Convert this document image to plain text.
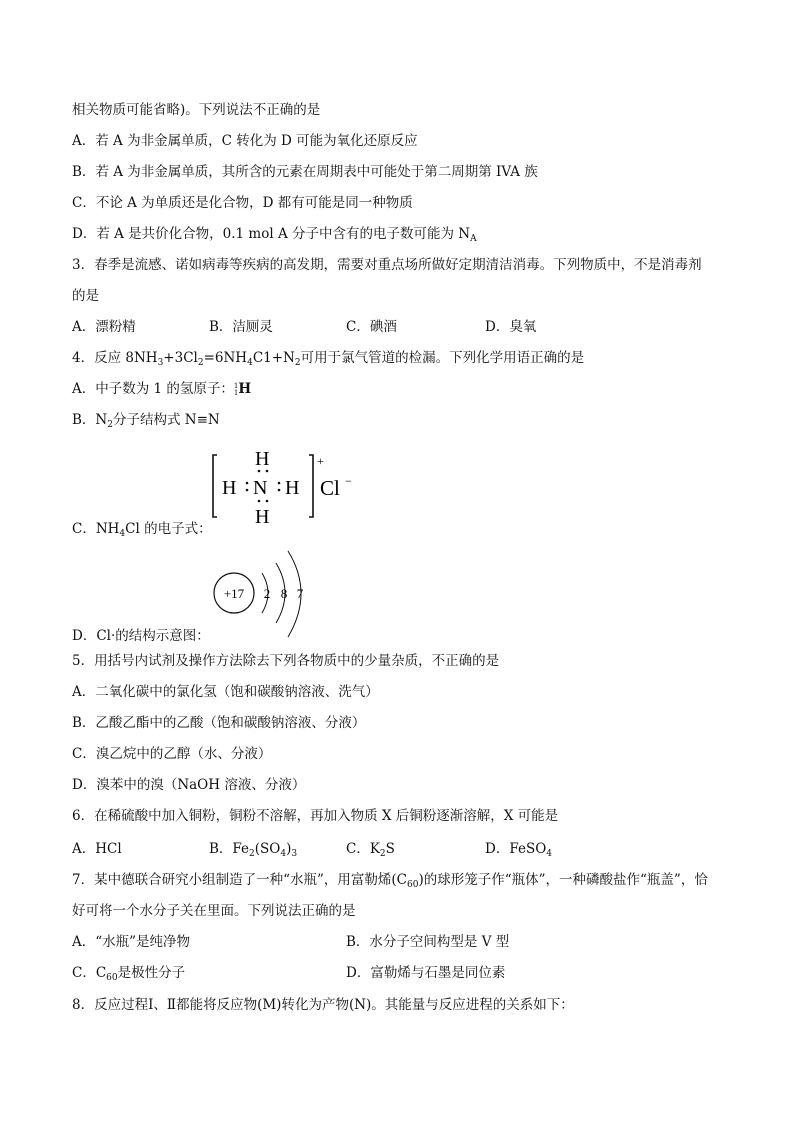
相关物质可能省略)。下列说法不正确的是
A．若 A 为非金属单质，C 转化为 D 可能为氧化还原反应
B．若 A 为非金属单质，其所含的元素在周期表中可能处于第二周期第 IVA 族
C．不论 A 为单质还是化合物，D 都有可能是同一种物质
D．若 A 是共价化合物，0.1 mol A 分子中含有的电子数可能为 $N_A$
3．春季是流感、诺如病毒等疾病的高发期，需要对重点场所做好定期清洁消毒。下列物质中，不是消毒剂
的是
A．漂粉精	B．洁厕灵	C．碘酒	D．臭氧
4．反应 $8NH_3+3Cl_2=6NH_4C1+N_2$可用于氯气管道的检漏。下列化学用语正确的是
A．中子数为 1 的氢原子： 1
1 H
B．$N_2$分子结构式 N≡N
H
H N H
H
+
Cl −
C．$NH_4Cl$ 的电子式：
+17 2 8 7
D．Cl·的结构示意图：
5．用括号内试剂及操作方法除去下列各物质中的少量杂质，不正确的是
A．二氧化碳中的氯化氢（饱和碳酸钠溶液、洗气）
B．乙酸乙酯中的乙酸（饱和碳酸钠溶液、分液）
C．溴乙烷中的乙醇（水、分液）
D．溴苯中的溴（NaOH 溶液、分液）
6．在稀硫酸中加入铜粉，铜粉不溶解，再加入物质 X 后铜粉逐渐溶解，X 可能是
A．HCl	B．$Fe_2(SO_4)_3$	C．$K_2S$	D．FeSO$_4$
7．某中德联合研究小组制造了一种“水瓶”，用富勒烯$(C_{60})$的球形笼子作“瓶体”，一种磷酸盐作“瓶盖”，恰
好可将一个水分子关在里面。下列说法正确的是
A．“水瓶”是纯净物	B．水分子空间构型是 V 型
C．$C_{60}$是极性分子	D．富勒烯与石墨是同位素
8．反应过程Ⅰ、Ⅱ都能将反应物(M)转化为产物(N)。其能量与反应进程的关系如下：
